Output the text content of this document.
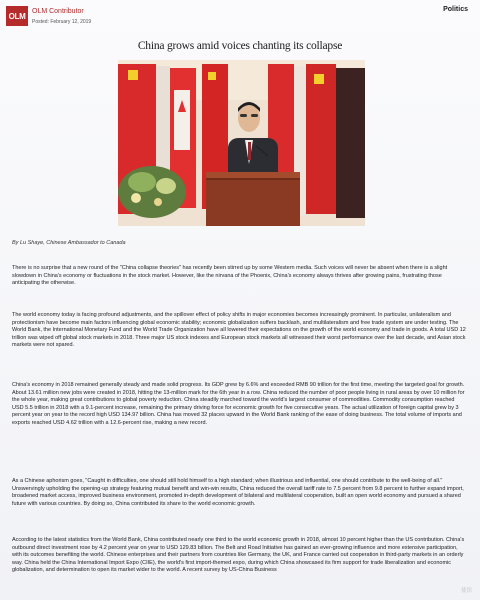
OLM OLM Contributor
Posted: February 12, 2019
Politics
China grows amid voices chanting its collapse
By Lu Shaye, Chinese Ambassador to Canada

There is no surprise that a new round of the "China collapse theories" has recently been stirred up by some Western media. Such voices will never be absent when there is a slight slowdown in China's economy or fluctuations in the stock market. However, like the nirvana of the Phoenix, China's economy always thrives after growing pains, frustrating those anticipating the otherwise.

The world economy today is facing profound adjustments, and the spillover effect of policy shifts in major economies becomes increasingly prominent. In particular, unilateralism and protectionism have become main factors influencing global economic stability; economic globalization suffers backlash, and multilateralism and free trade system are under testing. The World Bank, the International Monetary Fund and the World Trade Organization have all lowered their expectations on the growth of the world economy and trade in goods. A total USD 12 trillion was wiped off global stock markets in 2018. Three major US stock indexes and European stock markets all witnessed their worst performance over the last decade, and Asian stock markets were not spared.

China's economy in 2018 remained generally steady and made solid progress. Its GDP grew by 6.6% and exceeded RMB 90 trillion for the first time, meeting the targeted goal for growth. About 13.61 million new jobs were created in 2018, hitting the 13-million mark for the 6th year in a row. China reduced the number of poor people living in rural areas by over 10 million for the whole year, making great contributions to global poverty reduction. China steadily marched toward the world's largest consumer of commodities. Commodity consumption reached USD 5.5 trillion in 2018 with a 9.1-percent increase, remaining the primary driving force for economic growth for five consecutive years. The actual utilization of foreign capital grew by 3 percent year on year to the record high USD 134.97 billion. China has moved 32 places upward in the World Bank ranking of the ease of doing business. The total volume of imports and exports reached USD 4.62 trillion with a 12.6-percent rise, making a new record.

As a Chinese aphorism goes, "Caught in difficulties, one should still hold himself to a high standard; when illustrious and influential, one should contribute to the well-being of all." Unswervingly upholding the opening-up strategy featuring mutual benefit and win-win results, China reduced the overall tariff rate to 7.5 percent from 9.8 percent to further expand import, broadened market access, improved business environment, promoted in-depth development of bilateral and multilateral cooperation, built an open world economy and pursued a shared future with various countries. By doing so, China contributed its share to the world economic growth.

According to the latest statistics from the World Bank, China contributed nearly one third to the world economic growth in 2018, almost 10 percent higher than the US contribution. China's outbound direct investment rose by 4.2 percent year on year to USD 129.83 billion. The Belt and Road Initiative has gained an ever-growing influence and more extensive participation, with its outcomes benefiting the world. Chinese enterprises and their partners from countries like Germany, the UK, and France carried out cooperation in third-party markets in an orderly way. China held the China International Import Expo (CIIE), the world's first import-themed expo, during which China showcased its firm support for trade liberalization and economic globalization, and determination to open its market wider to the world. A recent survey by US-China Business

使馆
